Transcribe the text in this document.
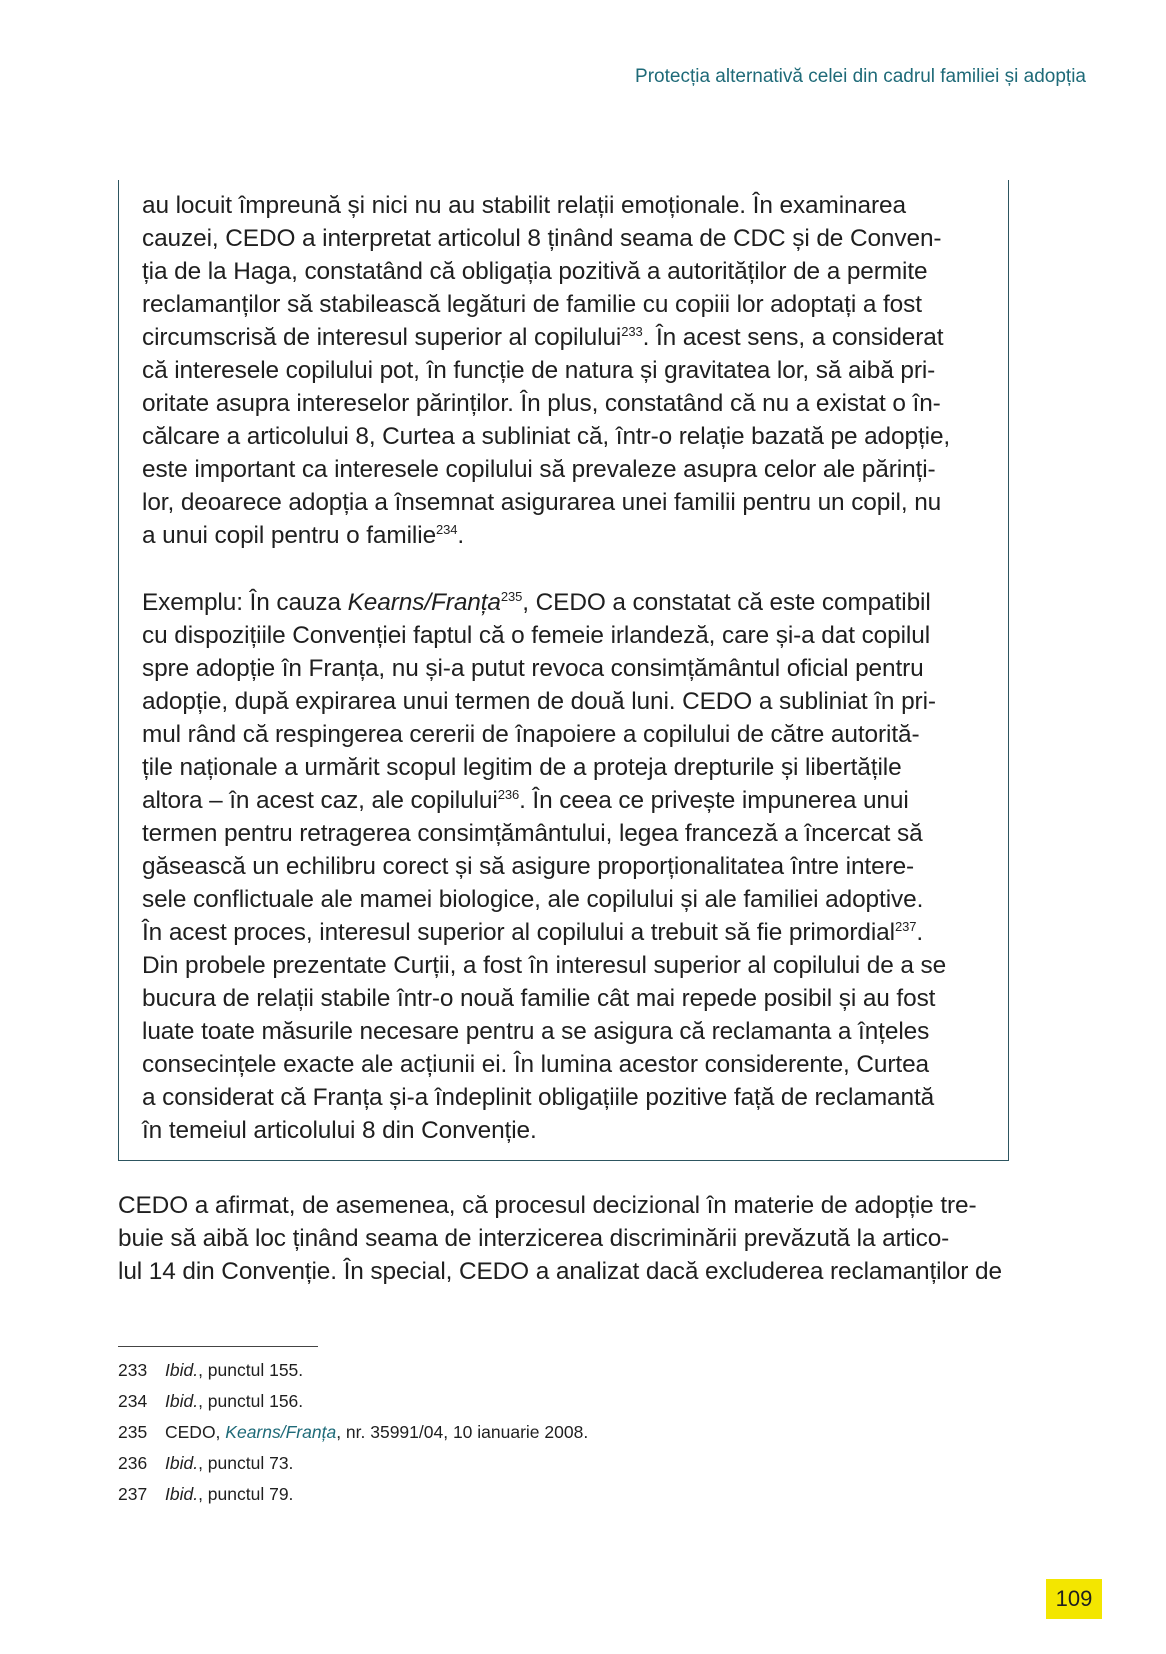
Protecția alternativă celei din cadrul familiei și adopția
au locuit împreună și nici nu au stabilit relații emoționale. În examinarea
cauzei, CEDO a interpretat articolul 8 ținând seama de CDC și de Conven-
ția de la Haga, constatând că obligația pozitivă a autorităților de a permite
reclamanților să stabilească legături de familie cu copiii lor adoptați a fost
circumscrisă de interesul superior al copilului$^{233}$. În acest sens, a considerat
că interesele copilului pot, în funcție de natura și gravitatea lor, să aibă pri-
oritate asupra intereselor părinților. În plus, constatând că nu a existat o în-
călcare a articolului 8, Curtea a subliniat că, într-o relație bazată pe adopție,
este important ca interesele copilului să prevaleze asupra celor ale părinți-
lor, deoarece adopția a însemnat asigurarea unei familii pentru un copil, nu
a unui copil pentru o familie$^{234}$.
Exemplu: În cauza Kearns/Franța$^{235}$, CEDO a constatat că este compatibil
cu dispozițiile Convenției faptul că o femeie irlandeză, care și-a dat copilul
spre adopție în Franța, nu și-a putut revoca consimțământul oficial pentru
adopție, după expirarea unui termen de două luni. CEDO a subliniat în pri-
mul rând că respingerea cererii de înapoiere a copilului de către autorită-
țile naționale a urmărit scopul legitim de a proteja drepturile și libertățile
altora – în acest caz, ale copilului$^{236}$. În ceea ce privește impunerea unui
termen pentru retragerea consimțământului, legea franceză a încercat să
găsească un echilibru corect și să asigure proporționalitatea între intere-
sele conflictuale ale mamei biologice, ale copilului și ale familiei adoptive.
În acest proces, interesul superior al copilului a trebuit să fie primordial$^{237}$.
Din probele prezentate Curții, a fost în interesul superior al copilului de a se
bucura de relații stabile într-o nouă familie cât mai repede posibil și au fost
luate toate măsurile necesare pentru a se asigura că reclamanta a înțeles
consecințele exacte ale acțiunii ei. În lumina acestor considerente, Curtea
a considerat că Franța și-a îndeplinit obligațiile pozitive față de reclamantă
în temeiul articolului 8 din Convenție.
CEDO a afirmat, de asemenea, că procesul decizional în materie de adopție tre-
buie să aibă loc ținând seama de interzicerea discriminării prevăzută la artico-
lul 14 din Convenție. În special, CEDO a analizat dacă excluderea reclamanților de
233 Ibid., punctul 155.
234 Ibid., punctul 156.
235 CEDO, Kearns/Franța, nr. 35991/04, 10 ianuarie 2008.
236 Ibid., punctul 73.
237 Ibid., punctul 79.
109
